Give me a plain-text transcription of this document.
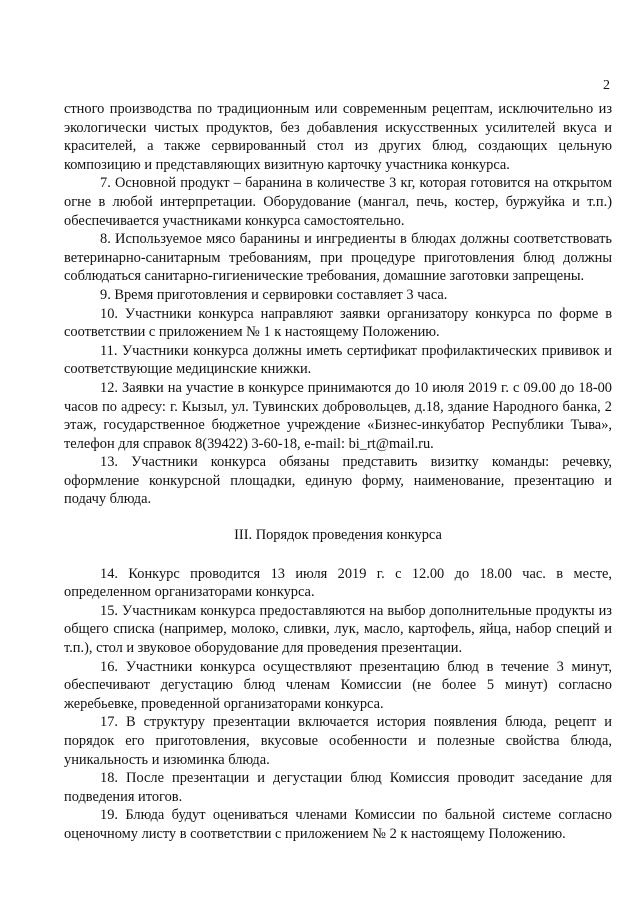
2

стного производства по традиционным или современным рецептам, исключительно из экологически чистых продуктов, без добавления искусственных усилителей вкуса и красителей, а также сервированный стол из других блюд, создающих цельную композицию и представляющих визитную карточку участника конкурса.

7. Основной продукт – баранина в количестве 3 кг, которая готовится на открытом огне в любой интерпретации. Оборудование (мангал, печь, костер, буржуйка и т.п.) обеспечивается участниками конкурса самостоятельно.

8. Используемое мясо баранины и ингредиенты в блюдах должны соответствовать ветеринарно-санитарным требованиям, при процедуре приготовления блюд должны соблюдаться санитарно-гигиенические требования, домашние заготовки запрещены.

9. Время приготовления и сервировки составляет 3 часа.

10. Участники конкурса направляют заявки организатору конкурса по форме в соответствии с приложением № 1 к настоящему Положению.

11. Участники конкурса должны иметь сертификат профилактических прививок и соответствующие медицинские книжки.

12. Заявки на участие в конкурсе принимаются до 10 июля 2019 г. с 09.00 до 18-00 часов по адресу: г. Кызыл, ул. Тувинских добровольцев, д.18, здание Народного банка, 2 этаж, государственное бюджетное учреждение «Бизнес-инкубатор Республики Тыва», телефон для справок 8(39422) 3-60-18, e-mail: bi_rt@mail.ru.

13. Участники конкурса обязаны представить визитку команды: речевку, оформление конкурсной площадки, единую форму, наименование, презентацию и подачу блюда.

III. Порядок проведения конкурса

14. Конкурс проводится 13 июля 2019 г. с 12.00 до 18.00 час. в месте, определенном организаторами конкурса.

15. Участникам конкурса предоставляются на выбор дополнительные продукты из общего списка (например, молоко, сливки, лук, масло, картофель, яйца, набор специй и т.п.), стол и звуковое оборудование для проведения презентации.

16. Участники конкурса осуществляют презентацию блюд в течение 3 минут, обеспечивают дегустацию блюд членам Комиссии (не более 5 минут) согласно жеребьевке, проведенной организаторами конкурса.

17. В структуру презентации включается история появления блюда, рецепт и порядок его приготовления, вкусовые особенности и полезные свойства блюда, уникальность и изюминка блюда.

18. После презентации и дегустации блюд Комиссия проводит заседание для подведения итогов.

19. Блюда будут оцениваться членами Комиссии по бальной системе согласно оценочному листу в соответствии с приложением № 2 к настоящему Положению.
